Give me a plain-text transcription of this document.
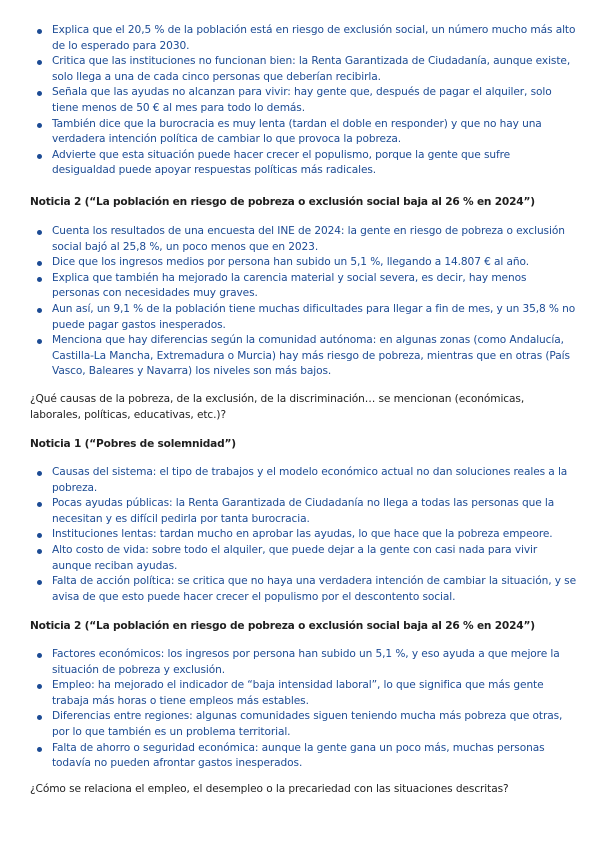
Explica que el 20,5 % de la población está en riesgo de exclusión social, un número mucho más alto de lo esperado para 2030.
Critica que las instituciones no funcionan bien: la Renta Garantizada de Ciudadanía, aunque existe, solo llega a una de cada cinco personas que deberían recibirla.
Señala que las ayudas no alcanzan para vivir: hay gente que, después de pagar el alquiler, solo tiene menos de 50 € al mes para todo lo demás.
También dice que la burocracia es muy lenta (tardan el doble en responder) y que no hay una verdadera intención política de cambiar lo que provoca la pobreza.
Advierte que esta situación puede hacer crecer el populismo, porque la gente que sufre desigualdad puede apoyar respuestas políticas más radicales.
Noticia 2 (“La población en riesgo de pobreza o exclusión social baja al 26 % en 2024”)
Cuenta los resultados de una encuesta del INE de 2024: la gente en riesgo de pobreza o exclusión social bajó al 25,8 %, un poco menos que en 2023.
Dice que los ingresos medios por persona han subido un 5,1 %, llegando a 14.807 € al año.
Explica que también ha mejorado la carencia material y social severa, es decir, hay menos personas con necesidades muy graves.
Aun así, un 9,1 % de la población tiene muchas dificultades para llegar a fin de mes, y un 35,8 % no puede pagar gastos inesperados.
Menciona que hay diferencias según la comunidad autónoma: en algunas zonas (como Andalucía, Castilla-La Mancha, Extremadura o Murcia) hay más riesgo de pobreza, mientras que en otras (País Vasco, Baleares y Navarra) los niveles son más bajos.
¿Qué causas de la pobreza, de la exclusión, de la discriminación… se mencionan (económicas, laborales, políticas, educativas, etc.)?
Noticia 1 (“Pobres de solemnidad”)
Causas del sistema: el tipo de trabajos y el modelo económico actual no dan soluciones reales a la pobreza.
Pocas ayudas públicas: la Renta Garantizada de Ciudadanía no llega a todas las personas que la necesitan y es difícil pedirla por tanta burocracia.
Instituciones lentas: tardan mucho en aprobar las ayudas, lo que hace que la pobreza empeore.
Alto costo de vida: sobre todo el alquiler, que puede dejar a la gente con casi nada para vivir aunque reciban ayudas.
Falta de acción política: se critica que no haya una verdadera intención de cambiar la situación, y se avisa de que esto puede hacer crecer el populismo por el descontento social.
Noticia 2 (“La población en riesgo de pobreza o exclusión social baja al 26 % en 2024”)
Factores económicos: los ingresos por persona han subido un 5,1 %, y eso ayuda a que mejore la situación de pobreza y exclusión.
Empleo: ha mejorado el indicador de “baja intensidad laboral”, lo que significa que más gente trabaja más horas o tiene empleos más estables.
Diferencias entre regiones: algunas comunidades siguen teniendo mucha más pobreza que otras, por lo que también es un problema territorial.
Falta de ahorro o seguridad económica: aunque la gente gana un poco más, muchas personas todavía no pueden afrontar gastos inesperados.
¿Cómo se relaciona el empleo, el desempleo o la precariedad con las situaciones descritas?
